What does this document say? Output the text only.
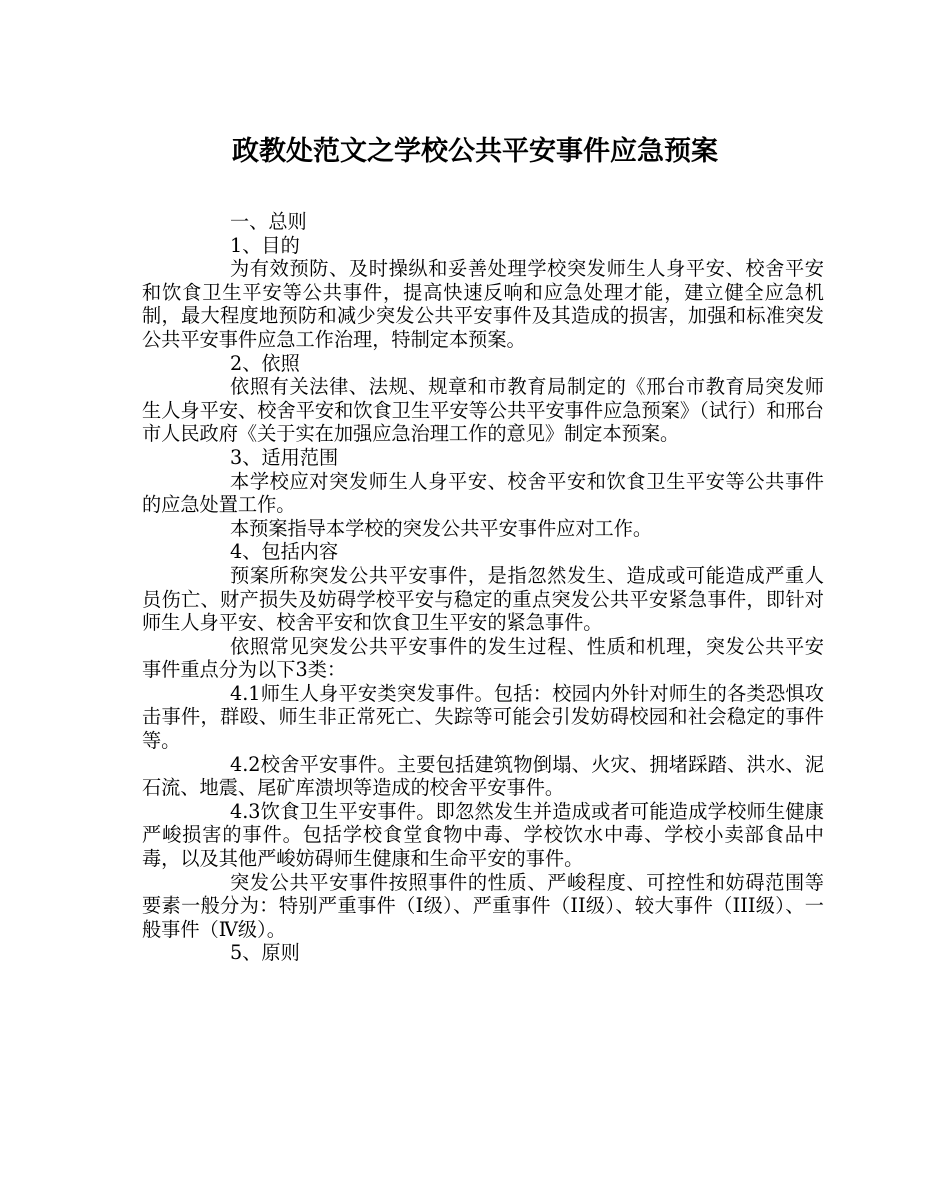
政教处范文之学校公共平安事件应急预案

一、总则

1、目的

为有效预防、及时操纵和妥善处理学校突发师生人身平安、校舍平安和饮食卫生平安等公共事件，提高快速反响和应急处理才能，建立健全应急机制，最大程度地预防和减少突发公共平安事件及其造成的损害，加强和标准突发公共平安事件应急工作治理，特制定本预案。

2、依照

依照有关法律、法规、规章和市教育局制定的《邢台市教育局突发师生人身平安、校舍平安和饮食卫生平安等公共平安事件应急预案》（试行）和邢台市人民政府《关于实在加强应急治理工作的意见》制定本预案。

3、适用范围

本学校应对突发师生人身平安、校舍平安和饮食卫生平安等公共事件的应急处置工作。

本预案指导本学校的突发公共平安事件应对工作。

4、包括内容

预案所称突发公共平安事件，是指忽然发生、造成或可能造成严重人员伤亡、财产损失及妨碍学校平安与稳定的重点突发公共平安紧急事件，即针对师生人身平安、校舍平安和饮食卫生平安的紧急事件。

依照常见突发公共平安事件的发生过程、性质和机理，突发公共平安事件重点分为以下3类：

4.1师生人身平安类突发事件。包括：校园内外针对师生的各类恐惧攻击事件，群殴、师生非正常死亡、失踪等可能会引发妨碍校园和社会稳定的事件等。

4.2校舍平安事件。主要包括建筑物倒塌、火灾、拥堵踩踏、洪水、泥石流、地震、尾矿库溃坝等造成的校舍平安事件。

4.3饮食卫生平安事件。即忽然发生并造成或者可能造成学校师生健康严峻损害的事件。包括学校食堂食物中毒、学校饮水中毒、学校小卖部食品中毒，以及其他严峻妨碍师生健康和生命平安的事件。

突发公共平安事件按照事件的性质、严峻程度、可控性和妨碍范围等要素一般分为：特别严重事件（Ⅰ级）、严重事件（II级）、较大事件（III级）、一般事件（Ⅳ级）。

5、原则
